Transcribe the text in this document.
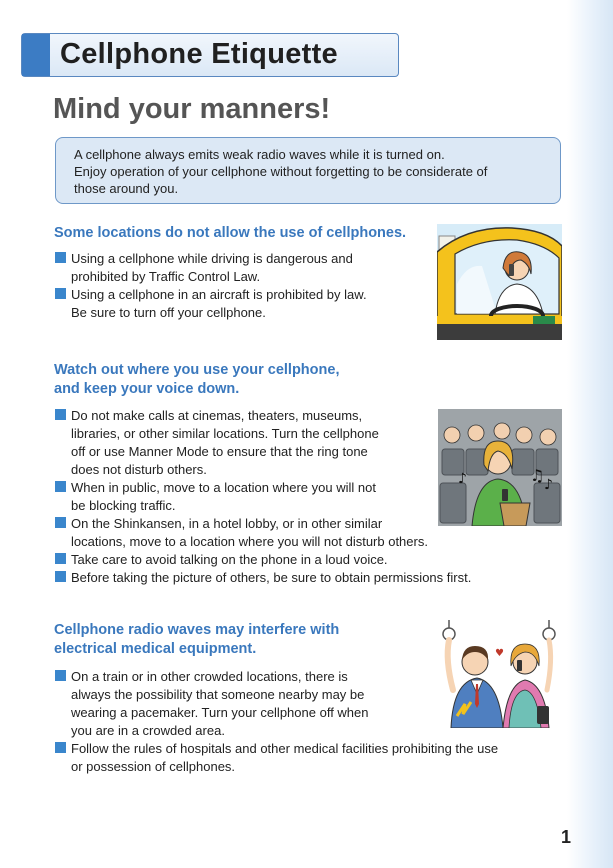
Cellphone Etiquette
Mind your manners!
A cellphone always emits weak radio waves while it is turned on.
Enjoy operation of your cellphone without forgetting to be considerate of
those around you.
Some locations do not allow the use of cellphones.
Using a cellphone while driving is dangerous and
prohibited by Traffic Control Law.
Using a cellphone in an aircraft is prohibited by law.
Be sure to turn off your cellphone.
Watch out where you use your cellphone,
and keep your voice down.
Do not make calls at cinemas, theaters, museums,
libraries, or other similar locations. Turn the cellphone
off or use Manner Mode to ensure that the ring tone
does not disturb others.
When in public, move to a location where you will not
be blocking traffic.
On the Shinkansen, in a hotel lobby, or in other similar
locations, move to a location where you will not disturb others.
Take care to avoid talking on the phone in a loud voice.
Before taking the picture of others, be sure to obtain permissions first.
♪	♫ ♪
Cellphone radio waves may interfere with
electrical medical equipment.
On a train or in other crowded locations, there is
always the possibility that someone nearby may be
wearing a pacemaker. Turn your cellphone off when
you are in a crowded area.
Follow the rules of hospitals and other medical facilities prohibiting the use
or possession of cellphones.
♥
1
